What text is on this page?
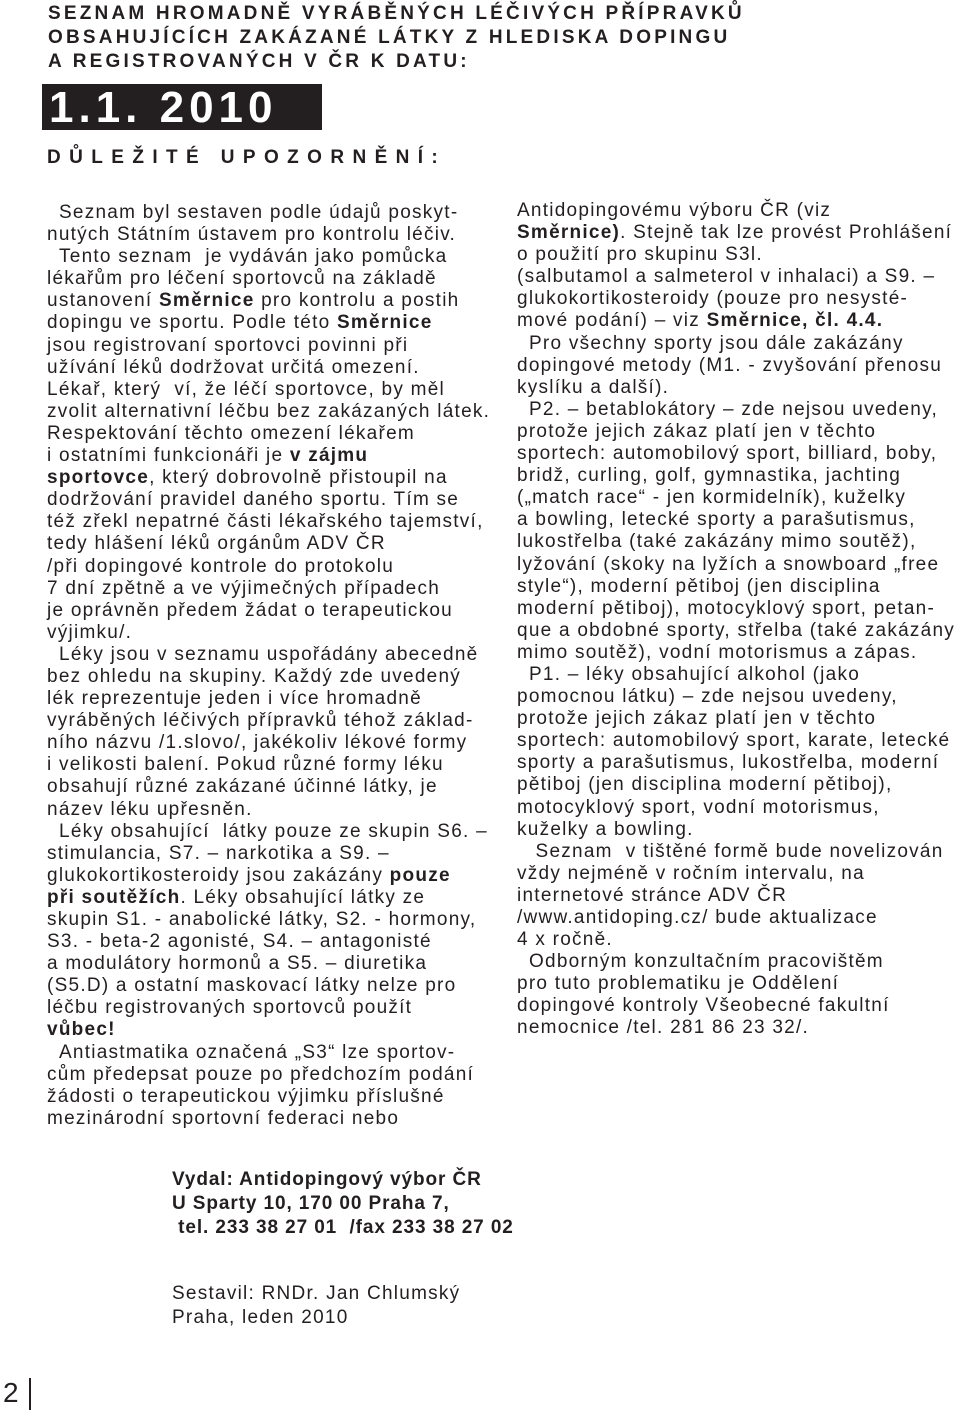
SEZNAM HROMADNĚ VYRÁBĚNÝCH LÉČIVÝCH PŘÍPRAVKŮ
OBSAHUJÍCÍCH ZAKÁZANÉ LÁTKY Z HLEDISKA DOPINGU
A REGISTROVANÝCH V ČR K DATU:
1.1. 2010
DŮLEŽITÉ UPOZORNĚNÍ:
Seznam byl sestaven podle údajů poskyt-
nutých Státním ústavem pro kontrolu léčiv.
Tento seznam  je vydáván jako pomůcka
lékařům pro léčení sportovců na základě
ustanovení Směrnice pro kontrolu a postih
dopingu ve sportu. Podle této Směrnice
jsou registrovaní sportovci povinni při
užívání léků dodržovat určitá omezení.
Lékař, který  ví, že léčí sportovce, by měl
zvolit alternativní léčbu bez zakázaných látek.
Respektování těchto omezení lékařem
i ostatními funkcionáři je v zájmu
sportovce, který dobrovolně přistoupil na
dodržování pravidel daného sportu. Tím se
též zřekl nepatrné části lékařského tajemství,
tedy hlášení léků orgánům ADV ČR
/při dopingové kontrole do protokolu
7 dní zpětně a ve výjimečných případech
je oprávněn předem žádat o terapeutickou
výjimku/.
Léky jsou v seznamu uspořádány abecedně
bez ohledu na skupiny. Každý zde uvedený
lék reprezentuje jeden i více hromadně
vyráběných léčivých přípravků téhož základ-
ního názvu /1.slovo/, jakékoliv lékové formy
i velikosti balení. Pokud různé formy léku
obsahují různé zakázané účinné látky, je
název léku upřesněn.
Léky obsahující  látky pouze ze skupin S6. –
stimulancia, S7. – narkotika a S9. –
glukokortikosteroidy jsou zakázány pouze
při soutěžích. Léky obsahující látky ze
skupin S1. - anabolické látky, S2. - hormony,
S3. - beta-2 agonisté, S4. – antagonisté
a modulátory hormonů a S5. – diuretika
(S5.D) a ostatní maskovací látky nelze pro
léčbu registrovaných sportovců použít
vůbec!
Antiastmatika označená „S3“ lze sportov-
cům předepsat pouze po předchozím podání
žádosti o terapeutickou výjimku příslušné
mezinárodní sportovní federaci nebo
Antidopingovému výboru ČR (viz
Směrnice). Stejně tak lze provést Prohlášení
o použití pro skupinu S3l.
(salbutamol a salmeterol v inhalaci) a S9. –
glukokortikosteroidy (pouze pro nesysté-
mové podání) – viz Směrnice, čl. 4.4.
Pro všechny sporty jsou dále zakázány
dopingové metody (M1. - zvyšování přenosu
kyslíku a další).
P2. – betablokátory – zde nejsou uvedeny,
protože jejich zákaz platí jen v těchto
sportech: automobilový sport, billiard, boby,
bridž, curling, golf, gymnastika, jachting
(„match race“ - jen kormidelník), kuželky
a bowling, letecké sporty a parašutismus,
lukostřelba (také zakázány mimo soutěž),
lyžování (skoky na lyžích a snowboard „free
style“), moderní pětiboj (jen disciplina
moderní pětiboj), motocyklový sport, petan-
que a obdobné sporty, střelba (také zakázány
mimo soutěž), vodní motorismus a zápas.
P1. – léky obsahující alkohol (jako
pomocnou látku) – zde nejsou uvedeny,
protože jejich zákaz platí jen v těchto
sportech: automobilový sport, karate, letecké
sporty a parašutismus, lukostřelba, moderní
pětiboj (jen disciplina moderní pětiboj),
motocyklový sport, vodní motorismus,
kuželky a bowling.
Seznam  v tištěné formě bude novelizován
vždy nejméně v ročním intervalu, na
internetové stránce ADV ČR
/www.antidoping.cz/ bude aktualizace
4 x ročně.
Odborným konzultačním pracovištěm
pro tuto problematiku je Oddělení
dopingové kontroly Všeobecné fakultní
nemocnice /tel. 281 86 23 32/.
Vydal: Antidopingový výbor ČR
U Sparty 10, 170 00 Praha 7,
tel. 233 38 27 01  /fax 233 38 27 02
Sestavil: RNDr. Jan Chlumský
Praha, leden 2010
2
